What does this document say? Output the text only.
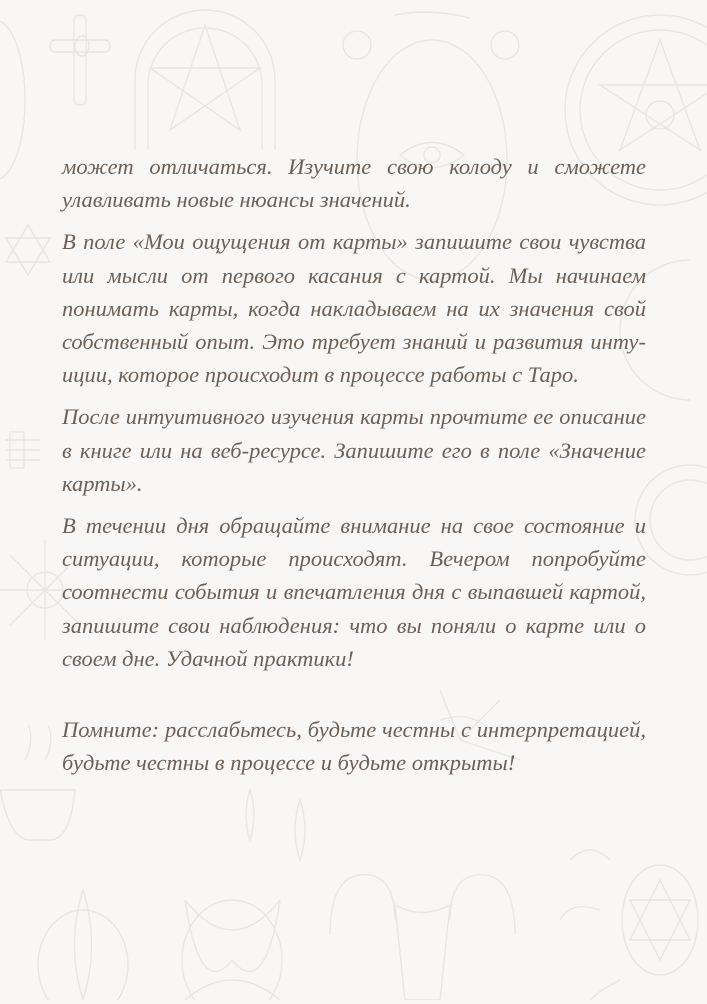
может отличаться. Изучите свою колоду и сможете улавливать новые нюансы значений.

В поле «Мои ощущения от карты» запишите свои чувства или мысли от первого касания с картой. Мы начинаем понимать карты, когда накладываем на их значения свой собственный опыт. Это требует знаний и развития интуиции, которое происходит в процессе работы с Таро.

После интуитивного изучения карты прочтите ее описание в книге или на веб-ресурсе. Запишите его в поле «Значение карты».

В течении дня обращайте внимание на свое состояние и ситуации, которые происходят. Вечером попробуйте соотнести события и впечатления дня с выпавшей картой, запишите свои наблюдения: что вы поняли о карте или о своем дне. Удачной практики!

Помните: расслабьтесь, будьте честны с интерпретацией, будьте честны в процессе и будьте открыты!
